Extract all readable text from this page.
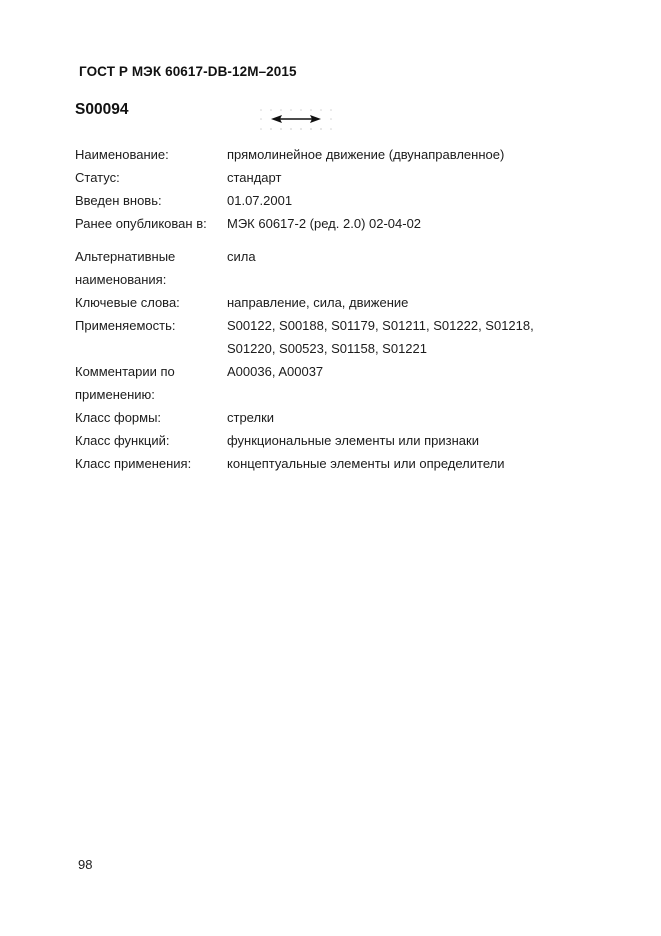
ГОСТ Р МЭК 60617-DB-12М–2015
S00094
Наименование:	прямолинейное движение (двунаправленное)
Статус:	стандарт
Введен вновь:	01.07.2001
Ранее опубликован в:	МЭК 60617-2 (ред. 2.0) 02-04-02
Альтернативные	сила
наименования:
Ключевые слова:	направление, сила, движение
Применяемость:	S00122, S00188, S01179, S01211, S01222, S01218,
S01220, S00523, S01158, S01221
Комментарии по	A00036, A00037
применению:
Класс формы:	стрелки
Класс функций:	функциональные элементы или признаки
Класс применения:	концептуальные элементы или определители
98
